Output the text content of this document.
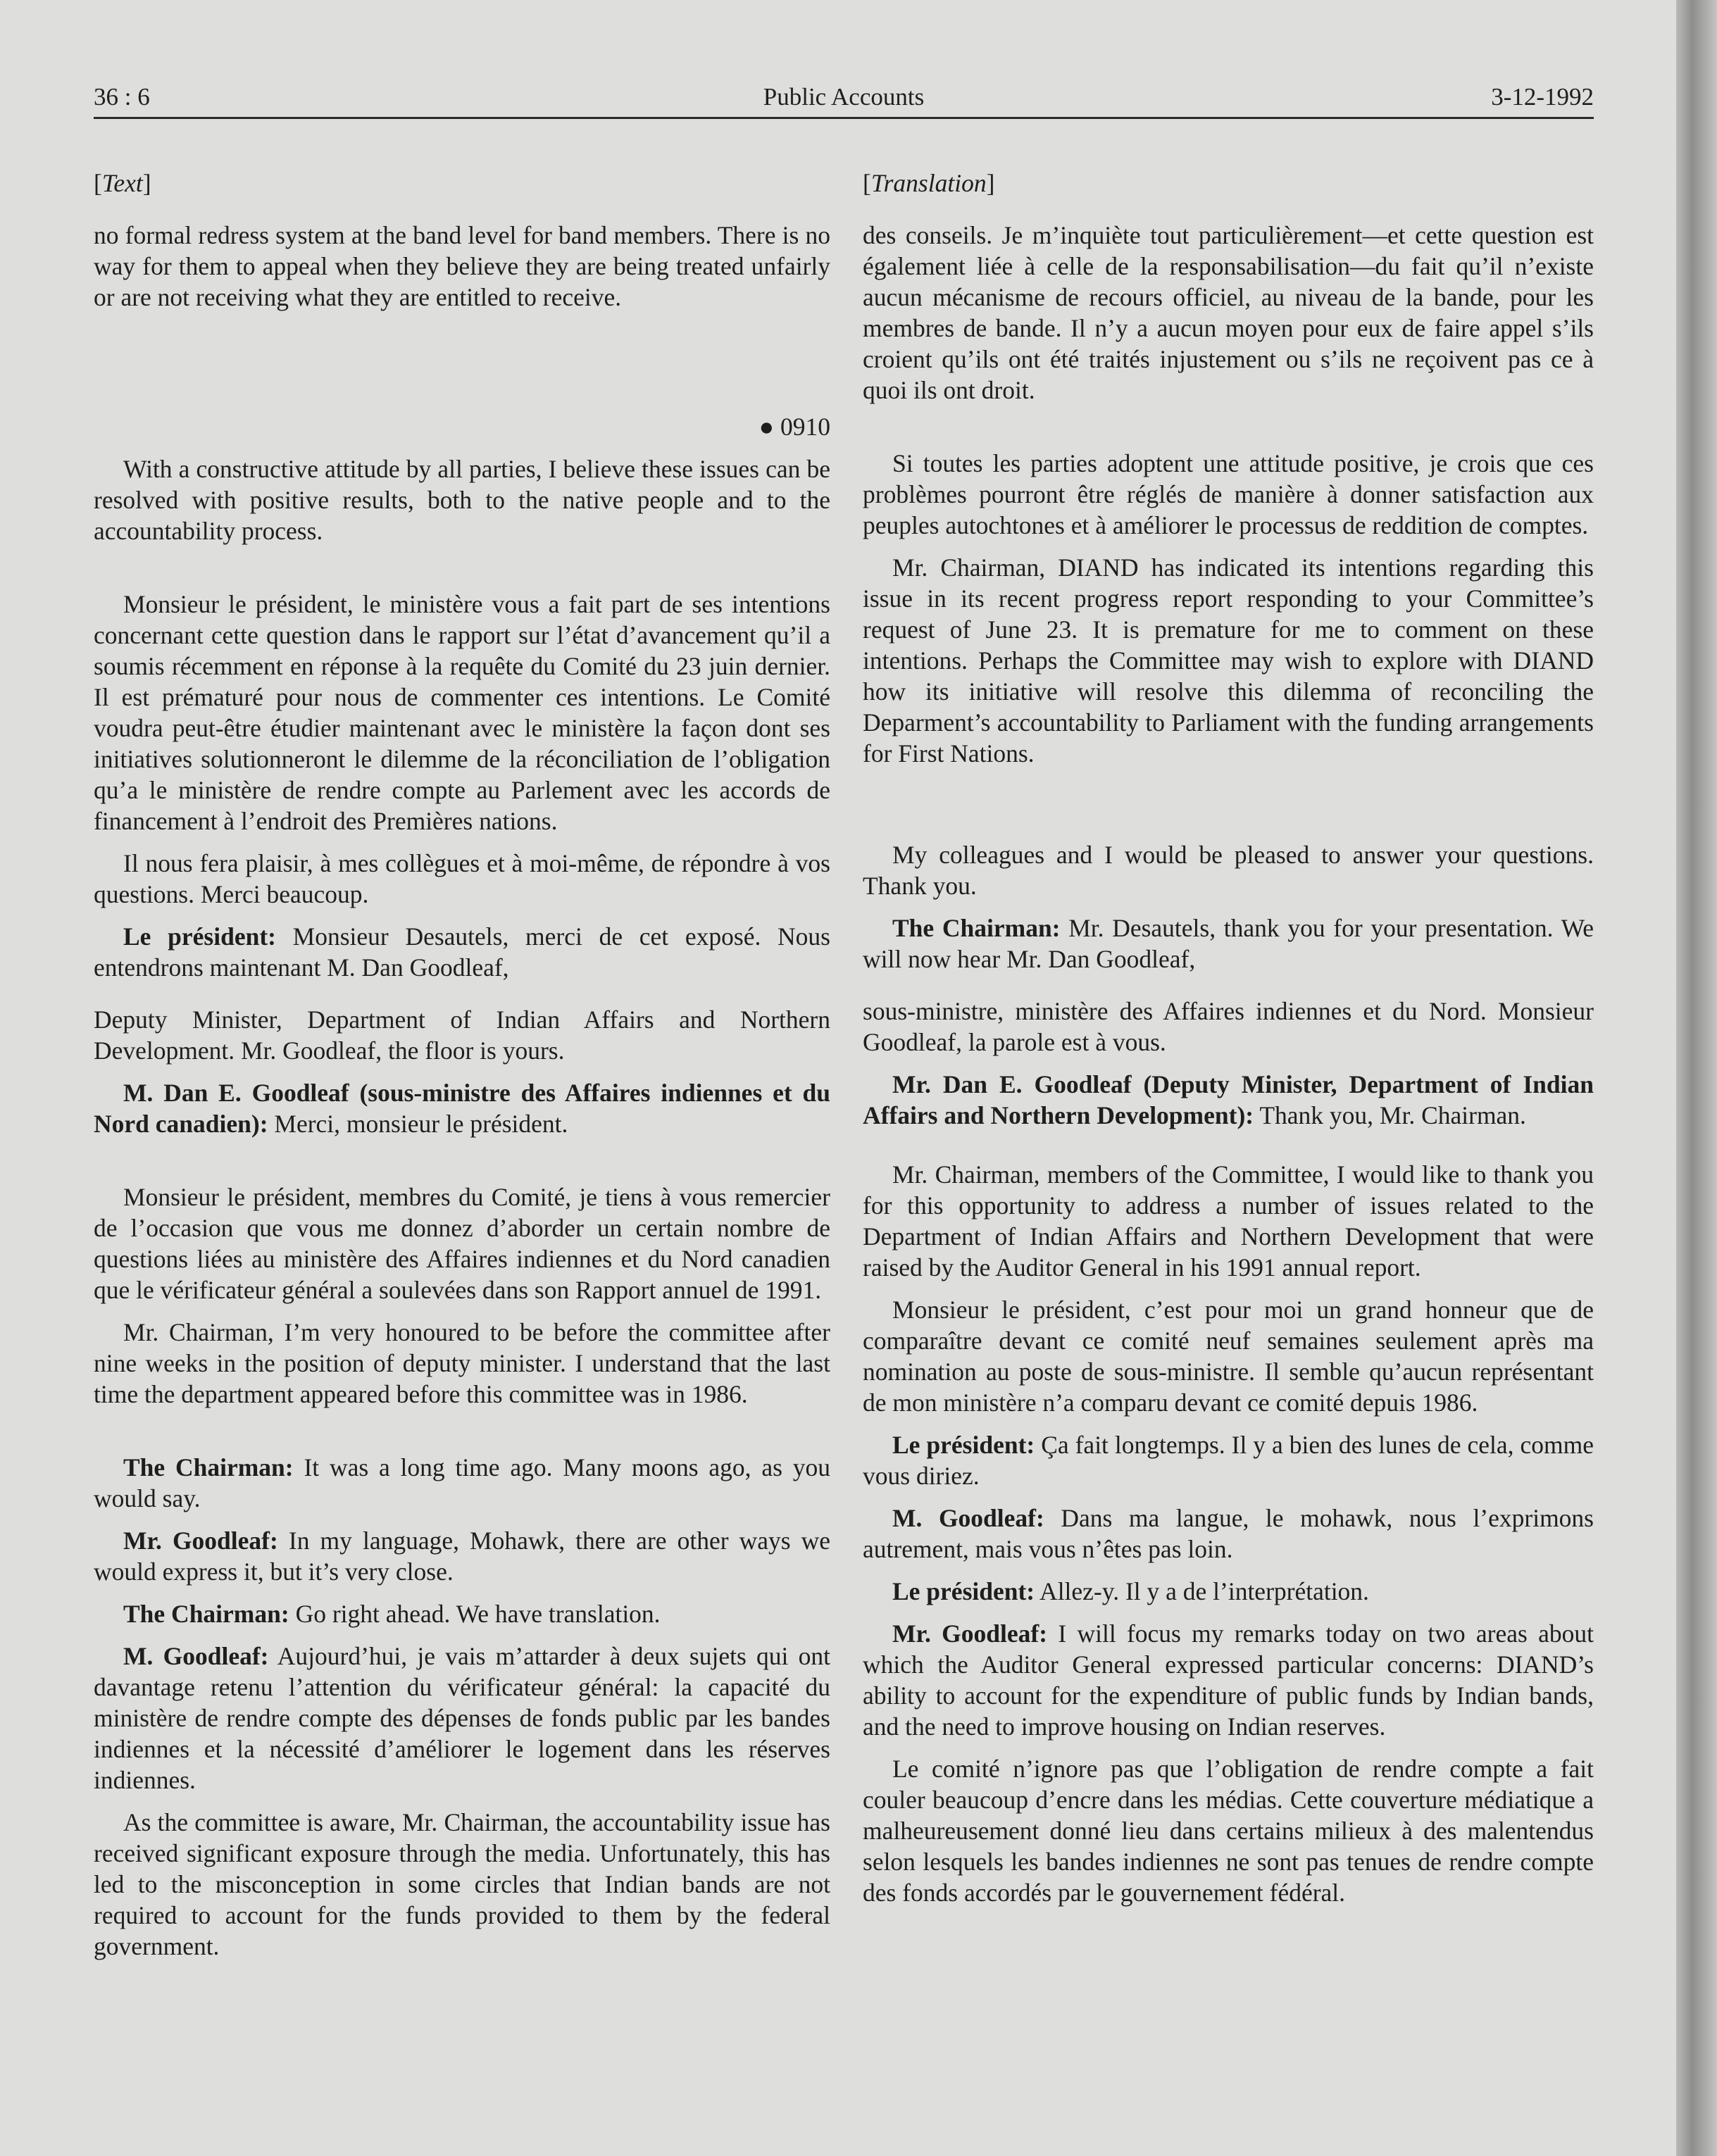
36 : 6	Public Accounts	3-12-1992

[Text]

no formal redress system at the band level for band members. There is no way for them to appeal when they believe they are being treated unfairly or are not receiving what they are entitled to receive.

● 0910

With a constructive attitude by all parties, I believe these issues can be resolved with positive results, both to the native people and to the accountability process.

Monsieur le président, le ministère vous a fait part de ses intentions concernant cette question dans le rapport sur l’état d’avancement qu’il a soumis récemment en réponse à la requête du Comité du 23 juin dernier. Il est prématuré pour nous de commenter ces intentions. Le Comité voudra peut-être étudier maintenant avec le ministère la façon dont ses initiatives solutionneront le dilemme de la réconciliation de l’obligation qu’a le ministère de rendre compte au Parlement avec les accords de financement à l’endroit des Premières nations.

Il nous fera plaisir, à mes collègues et à moi-même, de répondre à vos questions. Merci beaucoup.

Le président: Monsieur Desautels, merci de cet exposé. Nous entendrons maintenant M. Dan Goodleaf,

Deputy Minister, Department of Indian Affairs and Northern Development. Mr. Goodleaf, the floor is yours.

M. Dan E. Goodleaf (sous-ministre des Affaires indiennes et du Nord canadien): Merci, monsieur le président.

Monsieur le président, membres du Comité, je tiens à vous remercier de l’occasion que vous me donnez d’aborder un certain nombre de questions liées au ministère des Affaires indiennes et du Nord canadien que le vérificateur général a soulevées dans son Rapport annuel de 1991.

Mr. Chairman, I’m very honoured to be before the committee after nine weeks in the position of deputy minister. I understand that the last time the department appeared before this committee was in 1986.

The Chairman: It was a long time ago. Many moons ago, as you would say.

Mr. Goodleaf: In my language, Mohawk, there are other ways we would express it, but it’s very close.

The Chairman: Go right ahead. We have translation.

M. Goodleaf: Aujourd’hui, je vais m’attarder à deux sujets qui ont davantage retenu l’attention du vérificateur général: la capacité du ministère de rendre compte des dépenses de fonds public par les bandes indiennes et la nécessité d’améliorer le logement dans les réserves indiennes.

As the committee is aware, Mr. Chairman, the accountability issue has received significant exposure through the media. Unfortunately, this has led to the misconception in some circles that Indian bands are not required to account for the funds provided to them by the federal government.

[Translation]

des conseils. Je m’inquiète tout particulièrement—et cette question est également liée à celle de la responsabilisation—du fait qu’il n’existe aucun mécanisme de recours officiel, au niveau de la bande, pour les membres de bande. Il n’y a aucun moyen pour eux de faire appel s’ils croient qu’ils ont été traités injustement ou s’ils ne reçoivent pas ce à quoi ils ont droit.

Si toutes les parties adoptent une attitude positive, je crois que ces problèmes pourront être réglés de manière à donner satisfaction aux peuples autochtones et à améliorer le processus de reddition de comptes.

Mr. Chairman, DIAND has indicated its intentions regarding this issue in its recent progress report responding to your Committee’s request of June 23. It is premature for me to comment on these intentions. Perhaps the Committee may wish to explore with DIAND how its initiative will resolve this dilemma of reconciling the Deparment’s accountability to Parliament with the funding arrangements for First Nations.

My colleagues and I would be pleased to answer your questions. Thank you.

The Chairman: Mr. Desautels, thank you for your presentation. We will now hear Mr. Dan Goodleaf,

sous-ministre, ministère des Affaires indiennes et du Nord. Monsieur Goodleaf, la parole est à vous.

Mr. Dan E. Goodleaf (Deputy Minister, Department of Indian Affairs and Northern Development): Thank you, Mr. Chairman.

Mr. Chairman, members of the Committee, I would like to thank you for this opportunity to address a number of issues related to the Department of Indian Affairs and Northern Development that were raised by the Auditor General in his 1991 annual report.

Monsieur le président, c’est pour moi un grand honneur que de comparaître devant ce comité neuf semaines seulement après ma nomination au poste de sous-ministre. Il semble qu’aucun représentant de mon ministère n’a comparu devant ce comité depuis 1986.

Le président: Ça fait longtemps. Il y a bien des lunes de cela, comme vous diriez.

M. Goodleaf: Dans ma langue, le mohawk, nous l’exprimons autrement, mais vous n’êtes pas loin.

Le président: Allez-y. Il y a de l’interprétation.

Mr. Goodleaf: I will focus my remarks today on two areas about which the Auditor General expressed particular concerns: DIAND’s ability to account for the expenditure of public funds by Indian bands, and the need to improve housing on Indian reserves.

Le comité n’ignore pas que l’obligation de rendre compte a fait couler beaucoup d’encre dans les médias. Cette couverture médiatique a malheureusement donné lieu dans certains milieux à des malentendus selon lesquels les bandes indiennes ne sont pas tenues de rendre compte des fonds accordés par le gouvernement fédéral.
